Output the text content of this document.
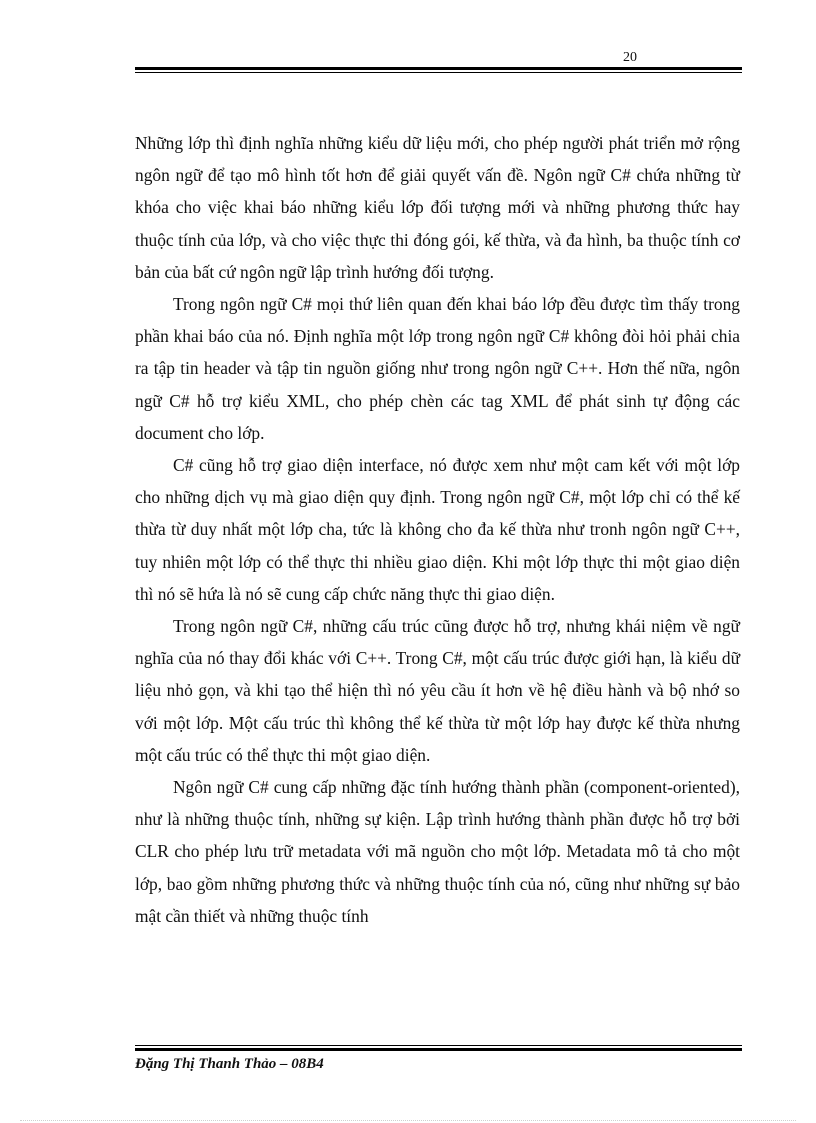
20

Những lớp thì định nghĩa những kiểu dữ liệu mới, cho phép người phát triển mở rộng ngôn ngữ để tạo mô hình tốt hơn để giải quyết vấn đề. Ngôn ngữ C# chứa những từ khóa cho việc khai báo những kiểu lớp đối tượng mới và những phương thức hay thuộc tính của lớp, và cho việc thực thi đóng gói, kế thừa, và đa hình, ba thuộc tính cơ bản của bất cứ ngôn ngữ lập trình hướng đối tượng.

Trong ngôn ngữ C# mọi thứ liên quan đến khai báo lớp đều được tìm thấy trong phần khai báo của nó. Định nghĩa một lớp trong ngôn ngữ C# không đòi hỏi phải chia ra tập tin header và tập tin nguồn giống như trong ngôn ngữ C++. Hơn thế nữa, ngôn ngữ C# hỗ trợ kiểu XML, cho phép chèn các tag XML để phát sinh tự động các document cho lớp.

C# cũng hỗ trợ giao diện interface, nó được xem như một cam kết với một lớp cho những dịch vụ mà giao diện quy định. Trong ngôn ngữ C#, một lớp chỉ có thể kế thừa từ duy nhất một lớp cha, tức là không cho đa kế thừa như tronh ngôn ngữ C++, tuy nhiên một lớp có thể thực thi nhiều giao diện. Khi một lớp thực thi một giao diện thì nó sẽ hứa là nó sẽ cung cấp chức năng thực thi giao diện.

Trong ngôn ngữ C#, những cấu trúc cũng được hỗ trợ, nhưng khái niệm về ngữ nghĩa của nó thay đổi khác với C++. Trong C#, một cấu trúc được giới hạn, là kiểu dữ liệu nhỏ gọn, và khi tạo thể hiện thì nó yêu cầu ít hơn về hệ điều hành và bộ nhớ so với một lớp. Một cấu trúc thì không thể kế thừa từ một lớp hay được kế thừa nhưng một cấu trúc có thể thực thi một giao diện.

Ngôn ngữ C# cung cấp những đặc tính hướng thành phần (component-oriented), như là những thuộc tính, những sự kiện. Lập trình hướng thành phần được hỗ trợ bởi CLR cho phép lưu trữ metadata với mã nguồn cho một lớp. Metadata mô tả cho một lớp, bao gồm những phương thức và những thuộc tính của nó, cũng như những sự bảo mật cần thiết và những thuộc tính

Đặng Thị Thanh Thảo – 08B4
